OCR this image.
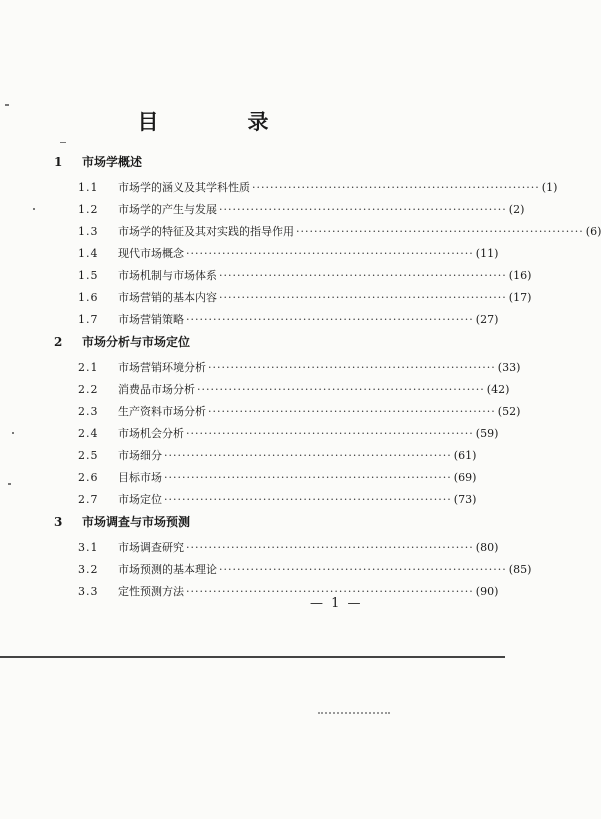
目　录
1 市场学概述
1.1	市场学的涵义及其学科性质 ································································ (1)
1.2	市场学的产生与发展 ································································ (2)
1.3	市场学的特征及其对实践的指导作用 ································································ (6)
1.4	现代市场概念 ································································ (11)
1.5	市场机制与市场体系 ································································ (16)
1.6	市场营销的基本内容 ································································ (17)
1.7	市场营销策略 ································································ (27)
2 市场分析与市场定位
2.1	市场营销环境分析 ································································ (33)
2.2	消费品市场分析 ································································ (42)
2.3	生产资料市场分析 ································································ (52)
2.4	市场机会分析 ································································ (59)
2.5	市场细分 ································································ (61)
2.6	目标市场 ································································ (69)
2.7	市场定位 ································································ (73)
3 市场调查与市场预测
3.1	市场调查研究 ································································ (80)
3.2	市场预测的基本理论 ································································ (85)
3.3	定性预测方法 ································································ (90)
— 1 —
